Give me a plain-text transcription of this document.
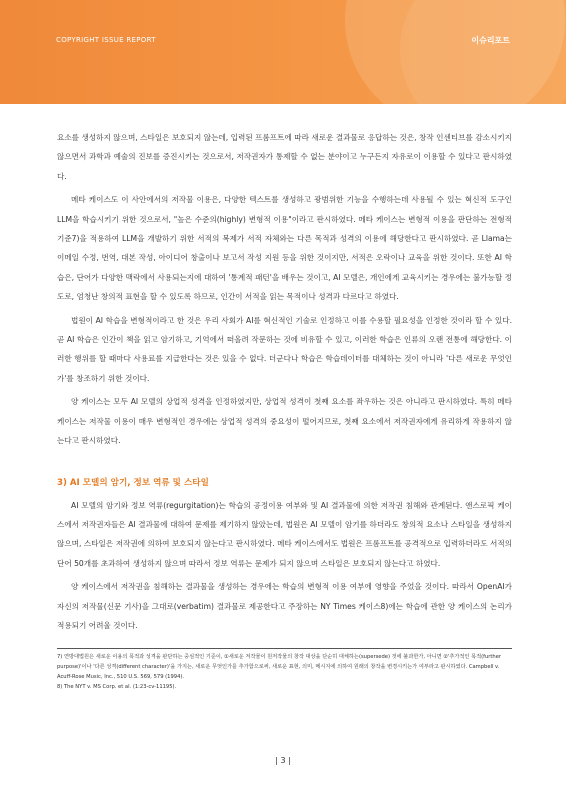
COPYRIGHT ISSUE REPORT	이슈리포트

요소를 생성하지 않으며, 스타일은 보호되지 않는데, 입력된 프롬프트에 따라 새로운 결과물로 응답하는 것은, 창작 인센티브를 감소시키지 않으면서 과학과 예술의 진보를 증진시키는 것으로서, 저작권자가 통제할 수 없는 분야이고 누구든지 자유로이 이용할 수 있다고 판시하였다.

메타 케이스도 이 사안에서의 저작물 이용은, 다양한 텍스트를 생성하고 광범위한 기능을 수행하는데 사용될 수 있는 혁신적 도구인 LLM을 학습시키기 위한 것으로서, "높은 수준의(highly) 변형적 이용"이라고 판시하였다. 메타 케이스는 변형적 이용을 판단하는 전형적 기준7)을 적용하여 LLM을 개발하기 위한 서적의 복제가 서적 자체와는 다른 목적과 성격의 이용에 해당한다고 판시하였다. 곧 Llama는 이메일 수정, 번역, 대본 작성, 아이디어 창출이나 보고서 작성 지원 등을 위한 것이지만, 서적은 오락이나 교육을 위한 것이다. 또한 AI 학습은, 단어가 다양한 맥락에서 사용되는지에 대하여 '통계적 패턴'을 배우는 것이고, AI 모델은, 개인에게 교육시키는 경우에는 불가능할 정도로, 엄청난 창의적 표현을 할 수 있도록 하므로, 인간이 서적을 읽는 목적이나 성격과 다르다고 하였다.

법원이 AI 학습을 변형적이라고 한 것은 우리 사회가 AI를 혁신적인 기술로 인정하고 이를 수용할 필요성을 인정한 것이라 할 수 있다. 곧 AI 학습은 인간이 책을 읽고 암기하고, 기억에서 떠올려 작문하는 것에 비유할 수 있고, 이러한 학습은 인류의 오랜 전통에 해당한다. 이러한 행위를 할 때마다 사용료를 지급한다는 것은 있을 수 없다. 더군다나 학습은 학습데이터를 대체하는 것이 아니라 '다른 새로운 무엇인가'를 창조하기 위한 것이다.

양 케이스는 모두 AI 모델의 상업적 성격을 인정하였지만, 상업적 성격이 첫째 요소를 좌우하는 것은 아니라고 판시하였다. 특히 메타 케이스는 저작물 이용이 매우 변형적인 경우에는 상업적 성격의 중요성이 떨어지므로, 첫째 요소에서 저작권자에게 유리하게 작용하지 않는다고 판시하였다.

3) AI 모델의 암기, 정보 역류 및 스타일

AI 모델의 암기와 정보 역류(regurgitation)는 학습의 공정이용 여부와 및 AI 결과물에 의한 저작권 침해와 관계된다. 앤스로픽 케이스에서 저작권자들은 AI 결과물에 대하여 문제를 제기하지 않았는데, 법원은 AI 모델이 암기를 하더라도 창의적 요소나 스타일을 생성하지 않으며, 스타일은 저작권에 의하여 보호되지 않는다고 판시하였다. 메타 케이스에서도 법원은 프롬프트를 공격적으로 입력하더라도 서적의 단어 50개를 초과하여 생성하지 않으며 따라서 정보 역류는 문제가 되지 않으며 스타일은 보호되지 않는다고 하였다.

양 케이스에서 저작권을 침해하는 결과물을 생성하는 경우에는 학습의 변형적 이용 여부에 영향을 주었을 것이다. 따라서 OpenAI가 자신의 저작물(신문 기사)을 그대로(verbatim) 결과물로 제공한다고 주장하는 NY Times 케이스8)에는 학습에 관한 양 케이스의 논리가 적용되기 어려울 것이다.

7) 연방대법원은 새로운 이용의 목적과 성격을 판단하는 중심적인 기준이, ①새로운 저작물이 원저작물의 창작 대상을 단순히 대체하는(supersede) 것에 불과한가, 아니면 ②'추가적인 목적(further purpose)'이나 '다른 성격(different character)'을 가지는, 새로운 무엇인가를 추가함으로써, 새로운 표현, 의미, 메시지에 의하여 원래의 창작을 변경시키는가 여부라고 판시하였다. Campbell v. Acuff-Rose Music, Inc., 510 U.S. 569, 579 (1994).

8) The NYT v. MS Corp. et al. (1:23-cv-11195).

| 3 |
